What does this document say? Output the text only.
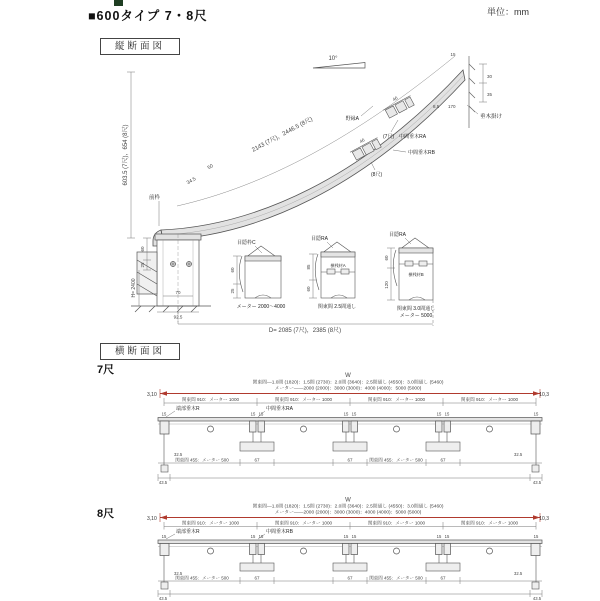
■600タイプ 7・8尺	単位：mm
縦断面図
10°
2143 (7尺)，2446.5 (8尺)
603.5 (7尺)，654 (8尺)	50
34.5
前枠
46
(7尺)　中間垂木RA
野縁A
46
中間垂木RB
(8尺)
15
30
35
8.5 170
垂木掛け
60
25
H= 2400
92.5
70
目隠枠C
60
25
メーター 2000〜4000
目隠RA
横桟材A
85
60
関東間 2.5間通し
目隠RA
横桟材B
60
120
関東間 3.0間通し
メーター 5000
D= 2085 (7尺)，2385 (8尺)
横断面図
7尺
8尺
W
関東間—1.0間 (1820)：1.5間 (2730)：2.0間 (3640)：2.5間通し (4550)：3.0間通し (5460)
メーター——2000 (2000)：3000 (3000)：4000 (4000)：5000 (5000)
3,10	10,3
関東間 910：メーター 1000	関東間 910：メーター 1000	関東間 910：メーター 1000	関東間 910：メーター 1000
端部垂木R	中間垂木RA
15	15 15	15 15	15 15	15
67	67	67
関東間 455：メーター 500	関東間 455：メーター 500
32.5	32.5
43.5	43.5
W
関東間—1.0間 (1820)：1.5間 (2730)：2.0間 (3640)：2.5間通し (4550)：3.0間通し (5460)
メーター——2000 (2000)：3000 (3000)：4000 (4000)：5000 (5000)
3,10	10,3
関東間 910：メーター 1000	関東間 910：メーター 1000	関東間 910：メーター 1000	関東間 910：メーター 1000
端部垂木R	中間垂木RB
15	15 15	15 15	15 15	15
67	67	67
関東間 455：メーター 500	関東間 455：メーター 500
32.5	32.5
43.5	43.5
